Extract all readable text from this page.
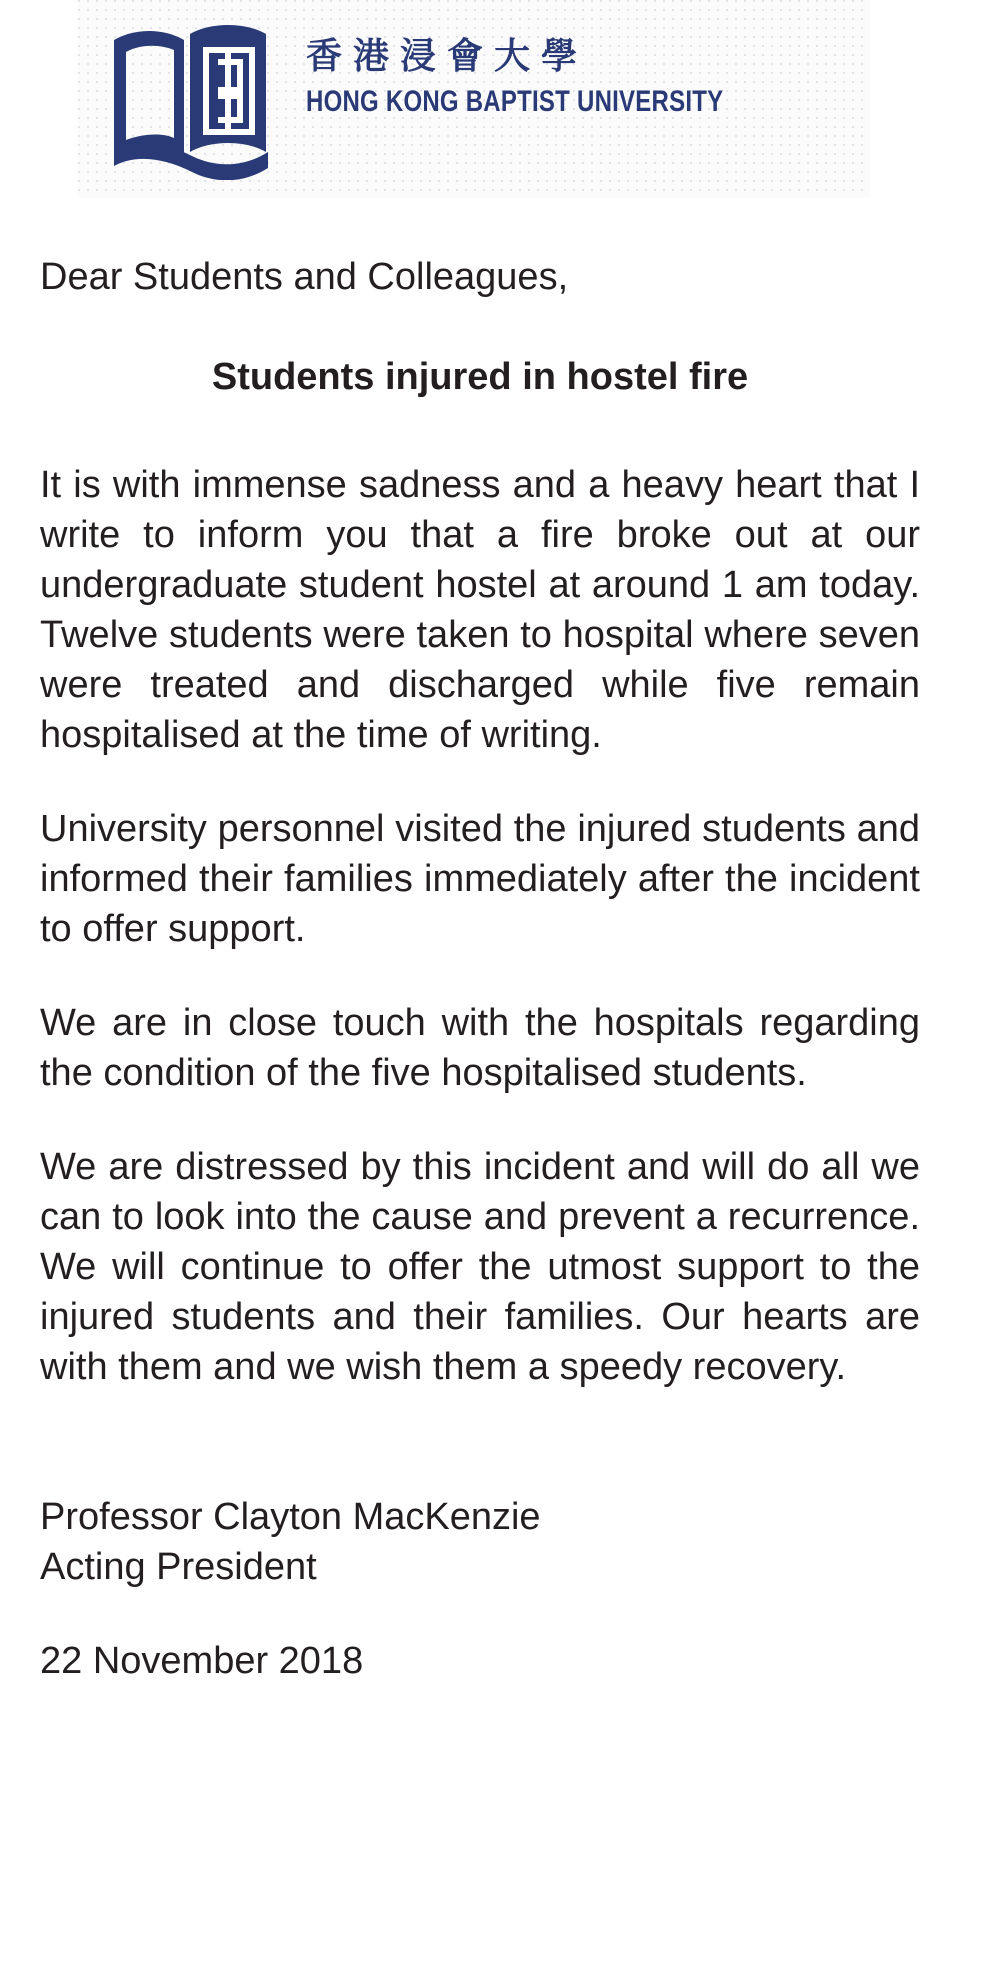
香港浸會大學
HONG KONG BAPTIST UNIVERSITY

Dear Students and Colleagues,

Students injured in hostel fire

It is with immense sadness and a heavy heart that I write to inform you that a fire broke out at our undergraduate student hostel at around 1 am today. Twelve students were taken to hospital where seven were treated and discharged while five remain hospitalised at the time of writing.

University personnel visited the injured students and informed their families immediately after the incident to offer support.

We are in close touch with the hospitals regarding the condition of the five hospitalised students.

We are distressed by this incident and will do all we can to look into the cause and prevent a recurrence. We will continue to offer the utmost support to the injured students and their families. Our hearts are with them and we wish them a speedy recovery.

Professor Clayton MacKenzie

Acting President

22 November 2018
